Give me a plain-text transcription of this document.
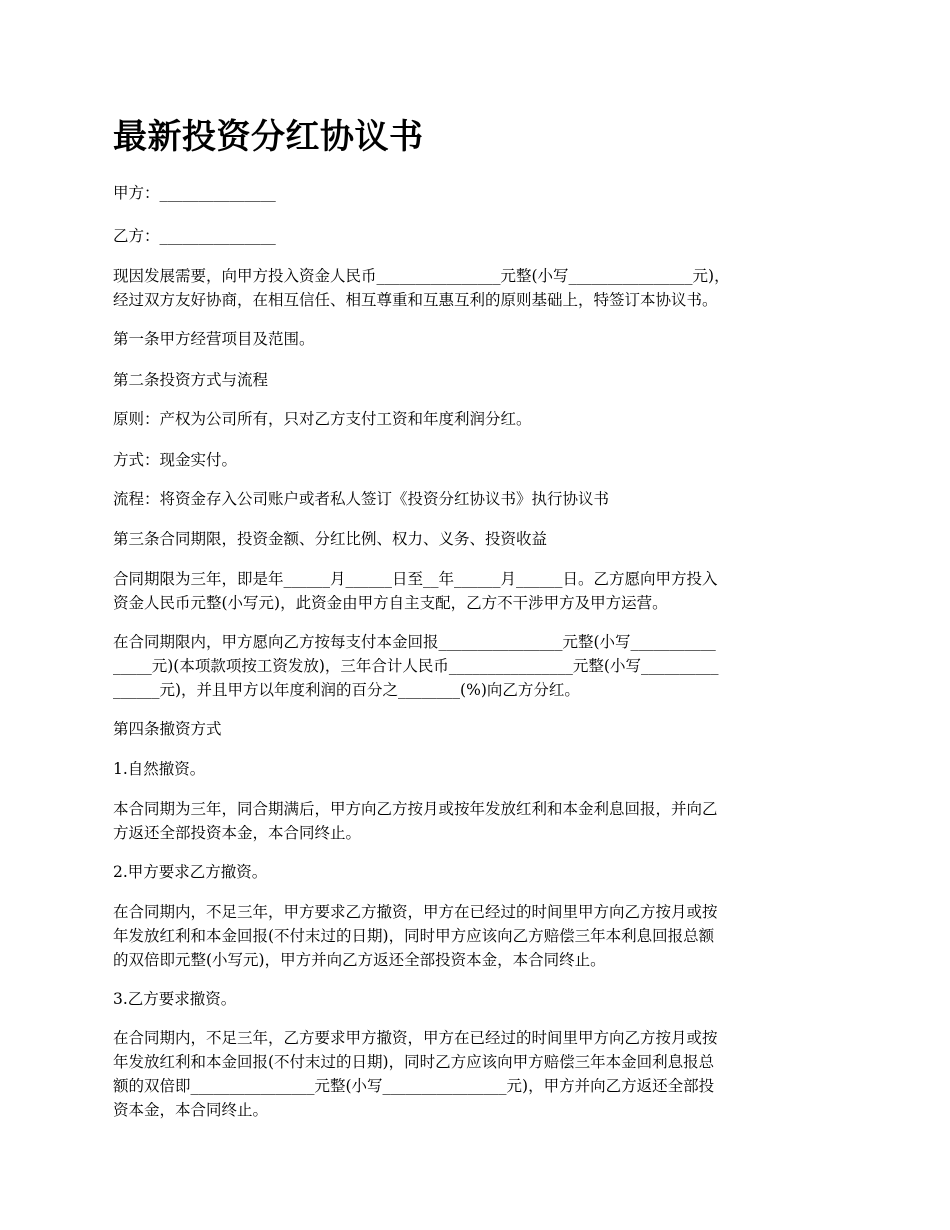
最新投资分红协议书

甲方：_______________

乙方：_______________

现因发展需要，向甲方投入资金人民币________________元整(小写________________元)，
经过双方友好协商，在相互信任、相互尊重和互惠互利的原则基础上，特签订本协议书。

第一条甲方经营项目及范围。

第二条投资方式与流程

原则：产权为公司所有，只对乙方支付工资和年度利润分红。

方式：现金实付。

流程：将资金存入公司账户或者私人签订《投资分红协议书》执行协议书

第三条合同期限，投资金额、分红比例、权力、义务、投资收益

合同期限为三年，即是年______月______日至__年______月______日。乙方愿向甲方投入
资金人民币元整(小写元)，此资金由甲方自主支配，乙方不干涉甲方及甲方运营。

在合同期限内，甲方愿向乙方按每支付本金回报________________元整(小写___________
_____元)(本项款项按工资发放)，三年合计人民币________________元整(小写__________
______元)，并且甲方以年度利润的百分之________(%)向乙方分红。

第四条撤资方式

1.自然撤资。

本合同期为三年，同合期满后，甲方向乙方按月或按年发放红利和本金利息回报，并向乙
方返还全部投资本金，本合同终止。

2.甲方要求乙方撤资。

在合同期内，不足三年，甲方要求乙方撤资，甲方在已经过的时间里甲方向乙方按月或按
年发放红利和本金回报(不付末过的日期)，同时甲方应该向乙方赔偿三年本利息回报总额
的双倍即元整(小写元)，甲方并向乙方返还全部投资本金，本合同终止。

3.乙方要求撤资。

在合同期内，不足三年，乙方要求甲方撤资，甲方在已经过的时间里甲方向乙方按月或按
年发放红利和本金回报(不付末过的日期)，同时乙方应该向甲方赔偿三年本金回利息报总
额的双倍即________________元整(小写________________元)，甲方并向乙方返还全部投
资本金，本合同终止。
